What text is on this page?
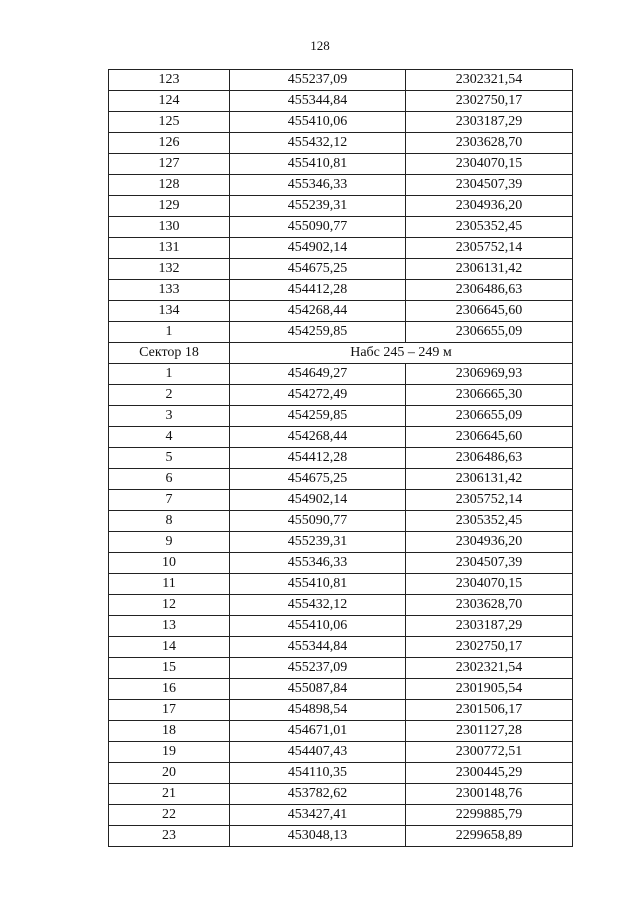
128
123	455237,09	2302321,54
124	455344,84	2302750,17
125	455410,06	2303187,29
126	455432,12	2303628,70
127	455410,81	2304070,15
128	455346,33	2304507,39
129	455239,31	2304936,20
130	455090,77	2305352,45
131	454902,14	2305752,14
132	454675,25	2306131,42
133	454412,28	2306486,63
134	454268,44	2306645,60
1	454259,85	2306655,09
Сектор 18	Набс 245 – 249 м	
1	454649,27	2306969,93
2	454272,49	2306665,30
3	454259,85	2306655,09
4	454268,44	2306645,60
5	454412,28	2306486,63
6	454675,25	2306131,42
7	454902,14	2305752,14
8	455090,77	2305352,45
9	455239,31	2304936,20
10	455346,33	2304507,39
11	455410,81	2304070,15
12	455432,12	2303628,70
13	455410,06	2303187,29
14	455344,84	2302750,17
15	455237,09	2302321,54
16	455087,84	2301905,54
17	454898,54	2301506,17
18	454671,01	2301127,28
19	454407,43	2300772,51
20	454110,35	2300445,29
21	453782,62	2300148,76
22	453427,41	2299885,79
23	453048,13	2299658,89
